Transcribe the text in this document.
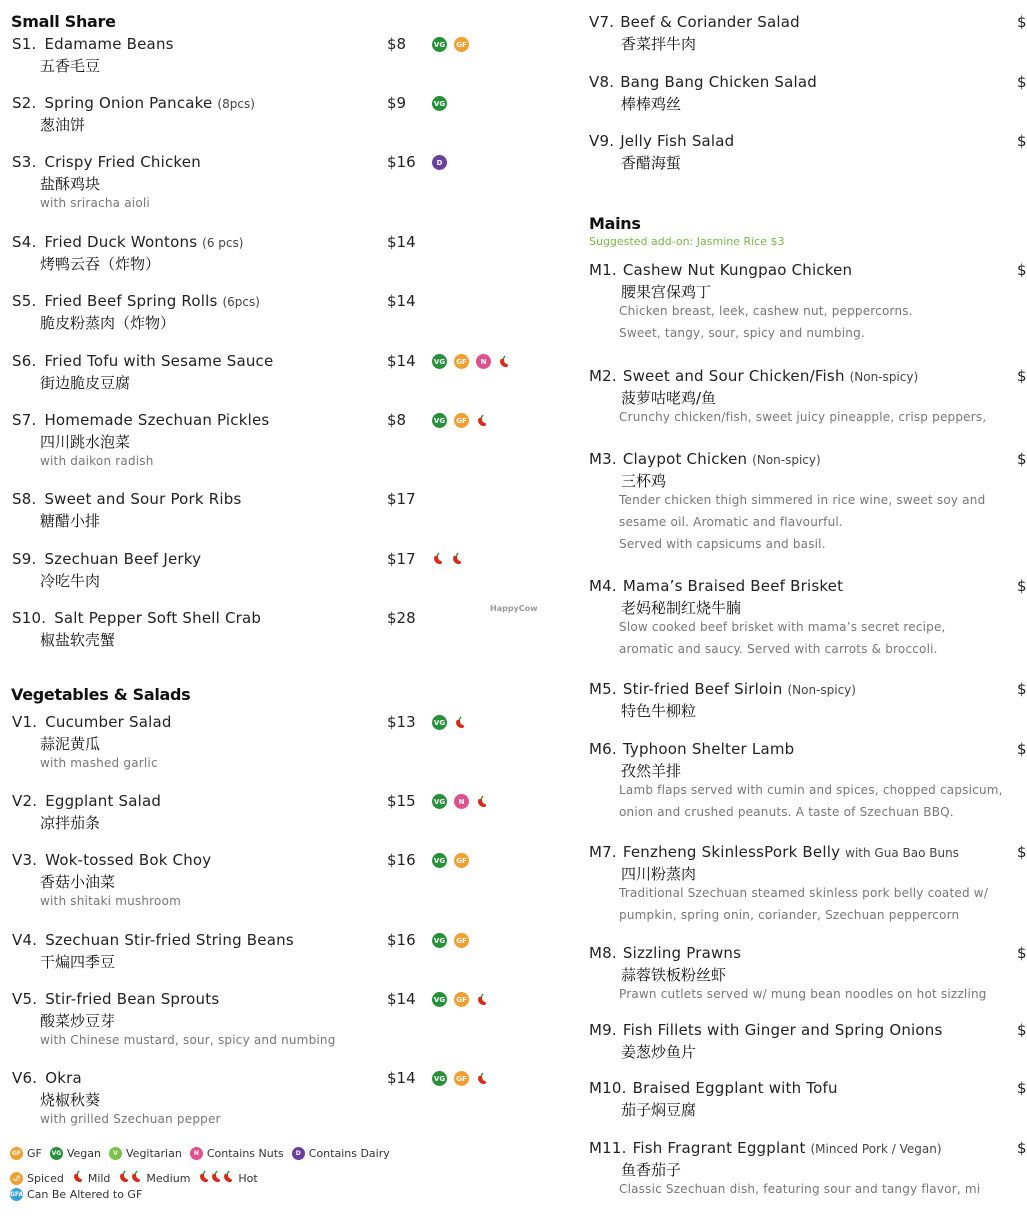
Small Share
S1. Edamame Beans
五香毛豆
$8	VG	GF
S2. Spring Onion Pancake (8pcs)
葱油饼
$9	VG
S3. Crispy Fried Chicken
盐酥鸡块
with sriracha aioli
$16	D
S4. Fried Duck Wontons (6 pcs)
烤鸭云吞（炸物）
$14
S5. Fried Beef Spring Rolls (6pcs)
脆皮粉蒸肉（炸物）
$14
S6. Fried Tofu with Sesame Sauce
街边脆皮豆腐
$14	VG	GF	N
S7. Homemade Szechuan Pickles
四川跳水泡菜
with daikon radish
$8	VG	GF
S8. Sweet and Sour Pork Ribs
糖醋小排
$17
S9. Szechuan Beef Jerky
冷吃牛肉
$17
S10. Salt Pepper Soft Shell Crab
椒盐软壳蟹
$28
Vegetables & Salads
V1. Cucumber Salad
蒜泥黄瓜
with mashed garlic
$13	VG
V2. Eggplant Salad
凉拌茄条
$15	VG	N
V3. Wok-tossed Bok Choy
香菇小油菜
with shitaki mushroom
$16	VG	GF
V4. Szechuan Stir-fried String Beans
干煸四季豆
$16	VG	GF
V5. Stir-fried Bean Sprouts
酸菜炒豆芽
with Chinese mustard, sour, spicy and numbing
$14	VG	GF
V6. Okra
烧椒秋葵
with grilled Szechuan pepper
$14	VG	GF
HappyCow
GF GF VG Vegan	V Vegitarian	N Contains Nuts	D Contains Dairy
🌶 Spiced Mild	Medium	Hot
GFA Can Be Altered to GF
V7. Beef & Coriander Salad
香菜拌牛肉
$
V8. Bang Bang Chicken Salad
棒棒鸡丝
$
V9. Jelly Fish Salad
香醋海蜇
$
Mains
Suggested add-on: Jasmine Rice $3
M1. Cashew Nut Kungpao Chicken
腰果宫保鸡丁
Chicken breast, leek, cashew nut, peppercorns.
Sweet, tangy, sour, spicy and numbing.
$
M2. Sweet and Sour Chicken/Fish (Non-spicy)
菠萝咕咾鸡/鱼
Crunchy chicken/fish, sweet juicy pineapple, crisp peppers,
$
M3. Claypot Chicken (Non-spicy)
三杯鸡
Tender chicken thigh simmered in rice wine, sweet soy and
sesame oil. Aromatic and flavourful.
Served with capsicums and basil.
$
M4. Mama’s Braised Beef Brisket
老妈秘制红烧牛腩
Slow cooked beef brisket with mama’s secret recipe,
aromatic and saucy. Served with carrots & broccoli.
$
M5. Stir-fried Beef Sirloin (Non-spicy)
特色牛柳粒
$
M6. Typhoon Shelter Lamb
孜然羊排
Lamb flaps served with cumin and spices, chopped capsicum,
onion and crushed peanuts. A taste of Szechuan BBQ.
$
M7. Fenzheng SkinlessPork Belly with Gua Bao Buns
四川粉蒸肉
Traditional Szechuan steamed skinless pork belly coated w/
pumpkin, spring onin, coriander, Szechuan peppercorn
$
M8. Sizzling Prawns
蒜蓉铁板粉丝虾
Prawn cutlets served w/ mung bean noodles on hot sizzling
$
M9. Fish Fillets with Ginger and Spring Onions
姜葱炒鱼片
$
M10. Braised Eggplant with Tofu
茄子焖豆腐
$
M11. Fish Fragrant Eggplant (Minced Pork / Vegan)
鱼香茄子
Classic Szechuan dish, featuring sour and tangy flavor, mi
$
